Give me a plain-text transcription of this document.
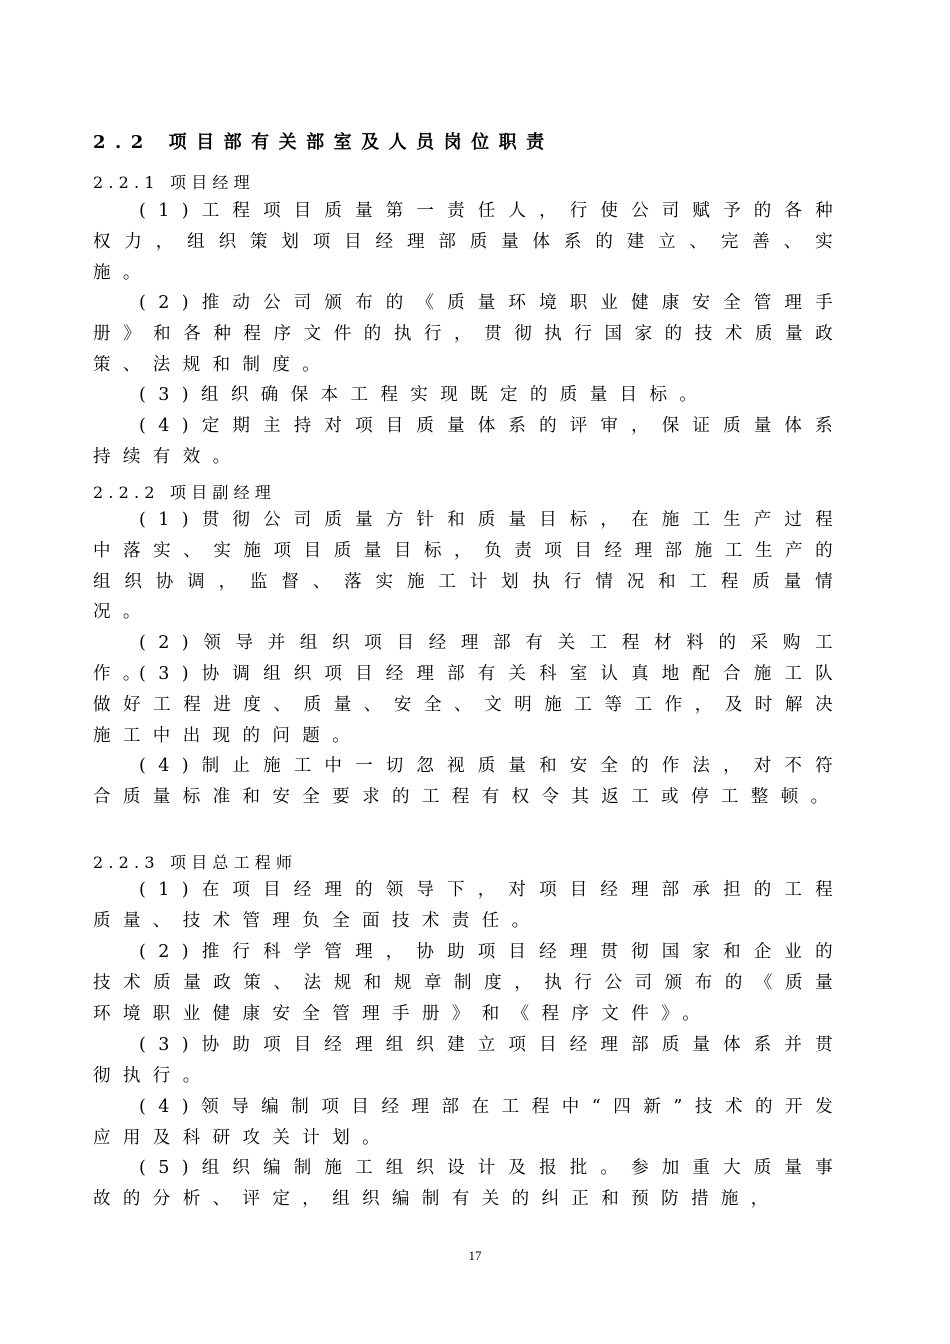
2.2 项目部有关部室及人员岗位职责
2.2.1 项目经理

(1)工程项目质量第一责任人，行使公司赋予的各种权力，组织策划项目经理部质量体系的建立、完善、实施。

(2)推动公司颁布的《质量环境职业健康安全管理手册》和各种程序文件的执行，贯彻执行国家的技术质量政策、法规和制度。

(3)组织确保本工程实现既定的质量目标。

(4)定期主持对项目质量体系的评审，保证质量体系持续有效。

2.2.2 项目副经理

(1)贯彻公司质量方针和质量目标，在施工生产过程中落实、实施项目质量目标，负责项目经理部施工生产的组织协调，监督、落实施工计划执行情况和工程质量情况。

(2)领导并组织项目经理部有关工程材料的采购工作。

(3)协调组织项目经理部有关科室认真地配合施工队做好工程进度、质量、安全、文明施工等工作，及时解决施工中出现的问题。

(4)制止施工中一切忽视质量和安全的作法，对不符合质量标准和安全要求的工程有权令其返工或停工整顿。

2.2.3 项目总工程师

(1)在项目经理的领导下，对项目经理部承担的工程质量、技术管理负全面技术责任。

(2)推行科学管理，协助项目经理贯彻国家和企业的技术质量政策、法规和规章制度，执行公司颁布的《质量环境职业健康安全管理手册》和《程序文件》。

(3)协助项目经理组织建立项目经理部质量体系并贯彻执行。

(4)领导编制项目经理部在工程中“四新”技术的开发应用及科研攻关计划。

(5)组织编制施工组织设计及报批。参加重大质量事故的分析、评定，组织编制有关的纠正和预防措施，

17
